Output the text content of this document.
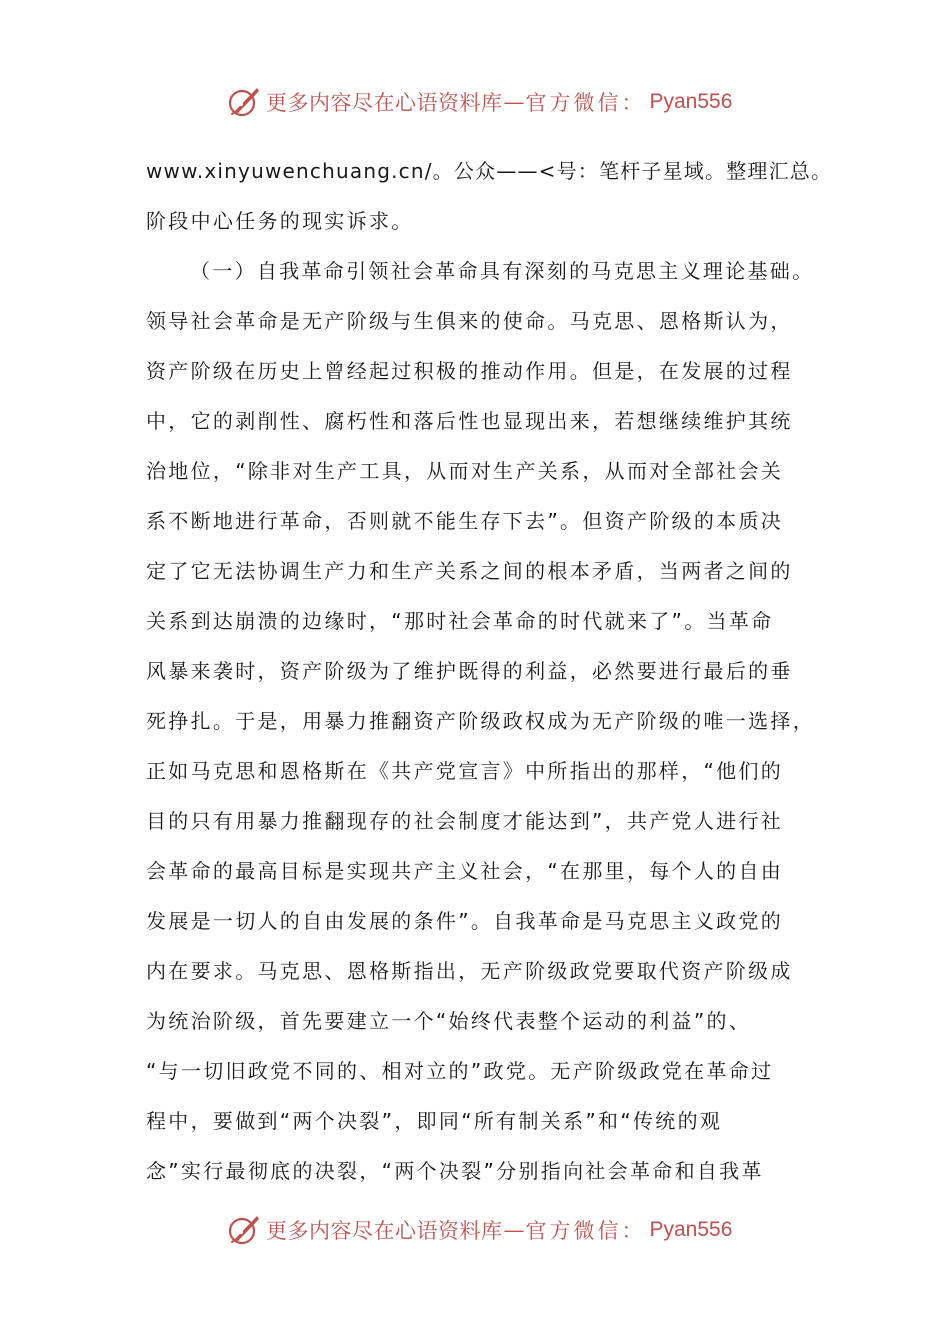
更多内容尽在心语资料库 — 官方微信： Pyan556
www.xinyuwenchuang.cn/。公众——<号：笔杆子星域。整理汇总。
阶段中心任务的现实诉求。
（一）自我革命引领社会革命具有深刻的马克思主义理论基础。
领导社会革命是无产阶级与生俱来的使命。马克思、恩格斯认为，
资产阶级在历史上曾经起过积极的推动作用。但是，在发展的过程
中，它的剥削性、腐朽性和落后性也显现出来，若想继续维护其统
治地位，“除非对生产工具，从而对生产关系，从而对全部社会关
系不断地进行革命，否则就不能生存下去”。但资产阶级的本质决
定了它无法协调生产力和生产关系之间的根本矛盾，当两者之间的
关系到达崩溃的边缘时，“那时社会革命的时代就来了”。当革命
风暴来袭时，资产阶级为了维护既得的利益，必然要进行最后的垂
死挣扎。于是，用暴力推翻资产阶级政权成为无产阶级的唯一选择，
正如马克思和恩格斯在《共产党宣言》中所指出的那样，“他们的
目的只有用暴力推翻现存的社会制度才能达到”，共产党人进行社
会革命的最高目标是实现共产主义社会，“在那里，每个人的自由
发展是一切人的自由发展的条件”。自我革命是马克思主义政党的
内在要求。马克思、恩格斯指出，无产阶级政党要取代资产阶级成
为统治阶级，首先要建立一个“始终代表整个运动的利益”的、
“与一切旧政党不同的、相对立的”政党。无产阶级政党在革命过
程中，要做到“两个决裂”，即同“所有制关系”和“传统的观
念”实行最彻底的决裂，“两个决裂”分别指向社会革命和自我革
更多内容尽在心语资料库 — 官方微信： Pyan556
